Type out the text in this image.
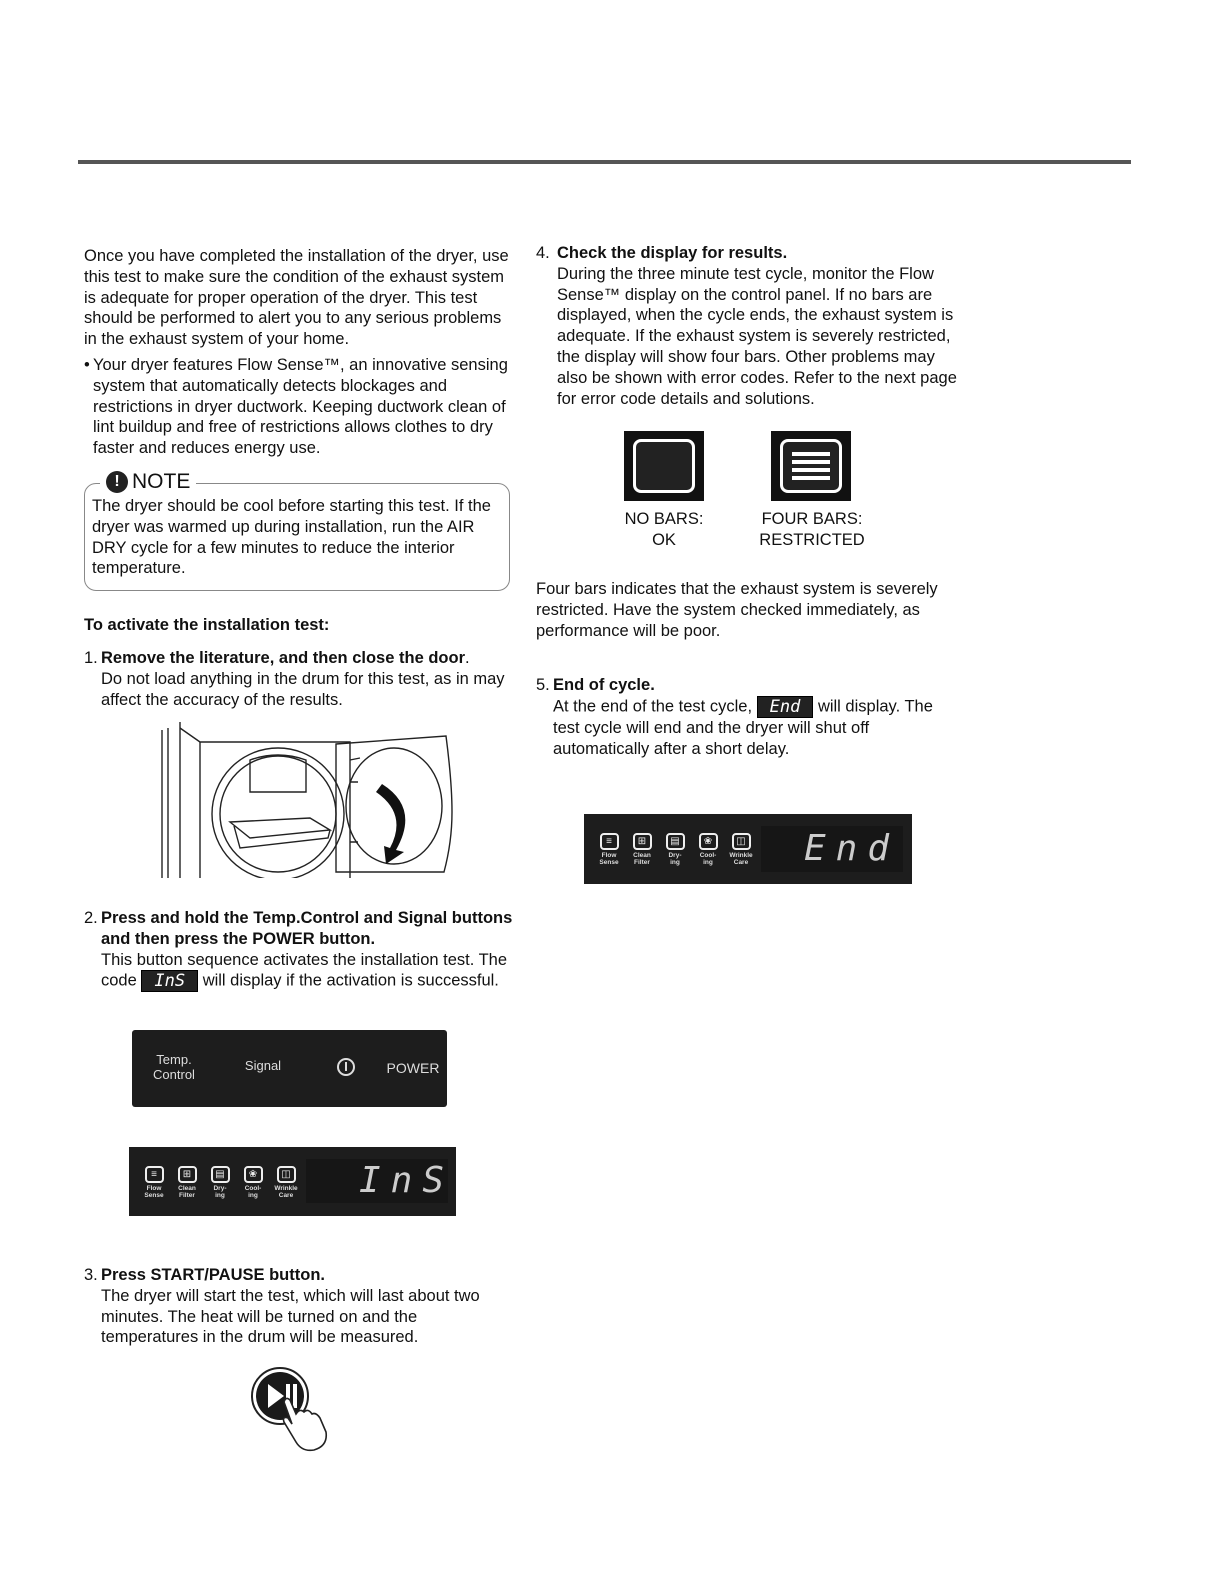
Once you have completed the installation of the dryer, use this test to make sure the condition of the exhaust system is adequate for proper operation of the dryer. This test should be performed to alert you to any serious problems in the exhaust system of your home.
• Your dryer features Flow Sense™, an innovative sensing system that automatically detects blockages and restrictions in dryer ductwork. Keeping ductwork clean of lint buildup and free of restrictions allows clothes to dry faster and reduces energy use.
! NOTE
The dryer should be cool before starting this test. If the dryer was warmed up during installation, run the AIR DRY cycle for a few minutes to reduce the interior temperature.
To activate the installation test:
1. Remove the literature, and then close the door.
Do not load anything in the drum for this test, as in may affect the accuracy of the results.
2. Press and hold the Temp.Control and Signal buttons and then press the POWER button.
This button sequence activates the installation test. The code InS will display if the activation is successful.
Temp.
Control
Signal	POWER
≡
Flow
Sense
⊞
Clean
Filter
▤
Dry-
ing
❀
Cool-
ing
◫
Wrinkle
Care InS
3. Press START/PAUSE button.
The dryer will start the test, which will last about two minutes. The heat will be turned on and the temperatures in the drum will be measured.
4. Check the display for results.
During the three minute test cycle, monitor the Flow Sense™ display on the control panel. If no bars are displayed, when the cycle ends, the exhaust system is adequate. If the exhaust system is severely restricted, the display will show four bars. Other problems may also be shown with error codes. Refer to the next page for error code details and solutions.
NO BARS:
OK
FOUR BARS:
RESTRICTED
Four bars indicates that the exhaust system is severely restricted. Have the system checked immediately, as performance will be poor.
5. End of cycle.
At the end of the test cycle, End will display. The test cycle will end and the dryer will shut off automatically after a short delay.
≡
Flow
Sense
⊞
Clean
Filter
▤
Dry-
ing
❀
Cool-
ing
◫
Wrinkle
Care End
